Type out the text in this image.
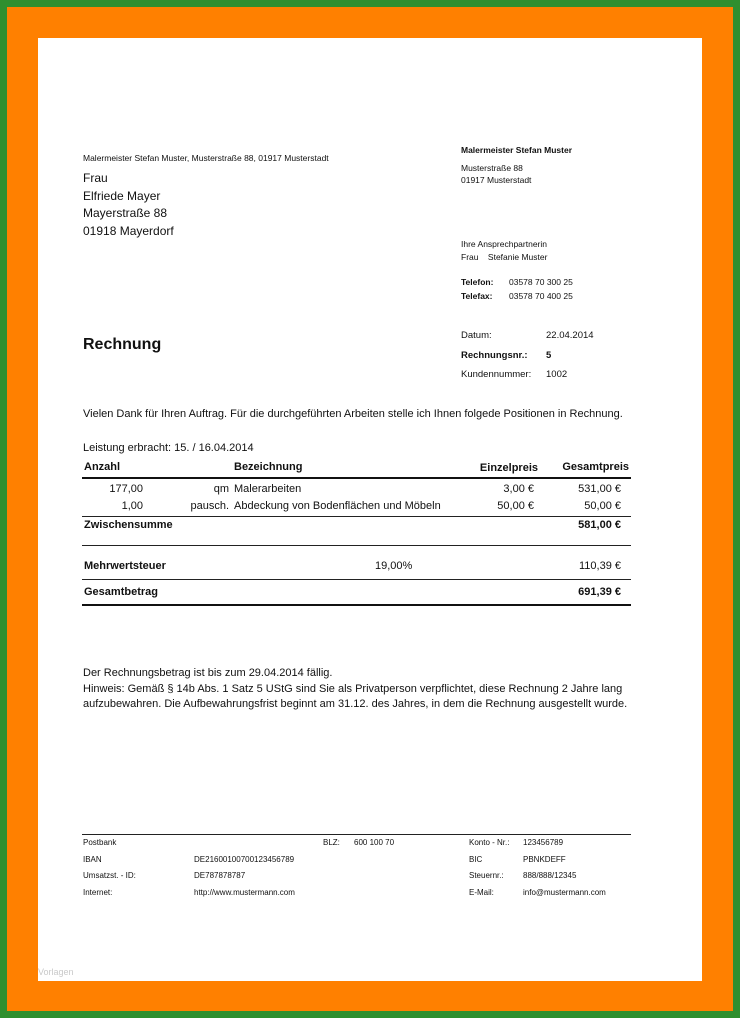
Malermeister Stefan Muster, Musterstraße 88, 01917 Musterstadt
Frau
Elfriede Mayer
Mayerstraße 88
01918 Mayerdorf
Malermeister Stefan Muster
Musterstraße 88
01917 Musterstadt
Ihre Ansprechpartnerin
Frau    Stefanie Muster
Telefon: 03578 70 300 25
Telefax: 03578 70 400 25
Datum:	22.04.2014
Rechnungsnr.: 5
Kundennummer: 1002
Rechnung
Vielen Dank für Ihren Auftrag. Für die durchgeführten Arbeiten stelle ich Ihnen folgede Positionen in Rechnung.
Leistung erbracht: 15. / 16.04.2014
Anzahl	Bezeichnung	Einzelpreis Gesamtpreis
177,00	qm Malerarbeiten	3,00 €	531,00 €
1,00	pausch. Abdeckung von Bodenflächen und Möbeln	50,00 €	50,00 €
Zwischensumme	581,00 €
Mehrwertsteuer	19,00%	110,39 €
Gesamtbetrag	691,39 €
Der Rechnungsbetrag ist bis zum 29.04.2014 fällig.
Hinweis: Gemäß § 14b Abs. 1 Satz 5 UStG sind Sie als Privatperson verpflichtet, diese Rechnung 2 Jahre lang aufzubewahren. Die Aufbewahrungsfrist beginnt am 31.12. des Jahres, in dem die Rechnung ausgestellt wurde.
Postbank	BLZ: 600 100 70	Konto - Nr.: 123456789
IBAN	DE21600100700123456789	BIC	PBNKDEFF
Umsatzst. - ID:	DE787878787	Steuernr.: 888/888/12345
Internet:	http://www.mustermann.com	E-Mail:	info@mustermann.com
Vorlagen
